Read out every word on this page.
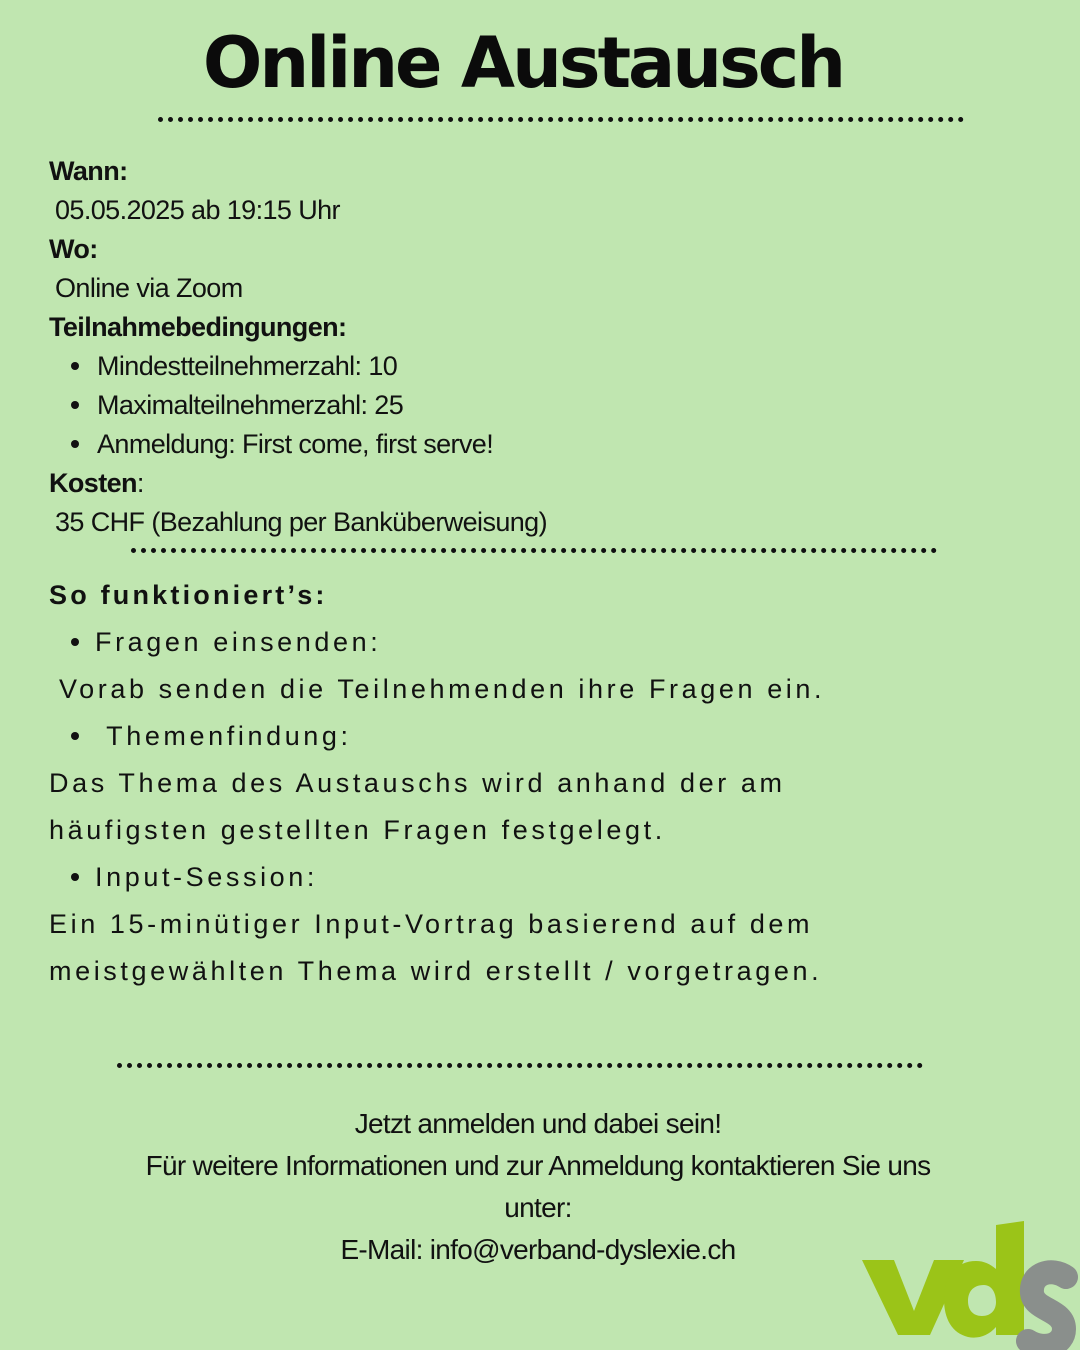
Online Austausch
Wann:
05.05.2025 ab 19:15 Uhr
Wo:
Online via Zoom
Teilnahmebedingungen:
Mindestteilnehmerzahl: 10
Maximalteilnehmerzahl: 25
Anmeldung: First come, first serve!
Kosten:
35 CHF (Bezahlung per Banküberweisung)
So funktioniert’s:
Fragen einsenden:
Vorab senden die Teilnehmenden ihre Fragen ein.
Themenfindung:
Das Thema des Austauschs wird anhand der am
häufigsten gestellten Fragen festgelegt.
Input-Session:
Ein 15-minütiger Input-Vortrag basierend auf dem
meistgewählten Thema wird erstellt / vorgetragen.
Jetzt anmelden und dabei sein!
Für weitere Informationen und zur Anmeldung kontaktieren Sie uns
unter:
E-Mail: info@verband-dyslexie.ch
